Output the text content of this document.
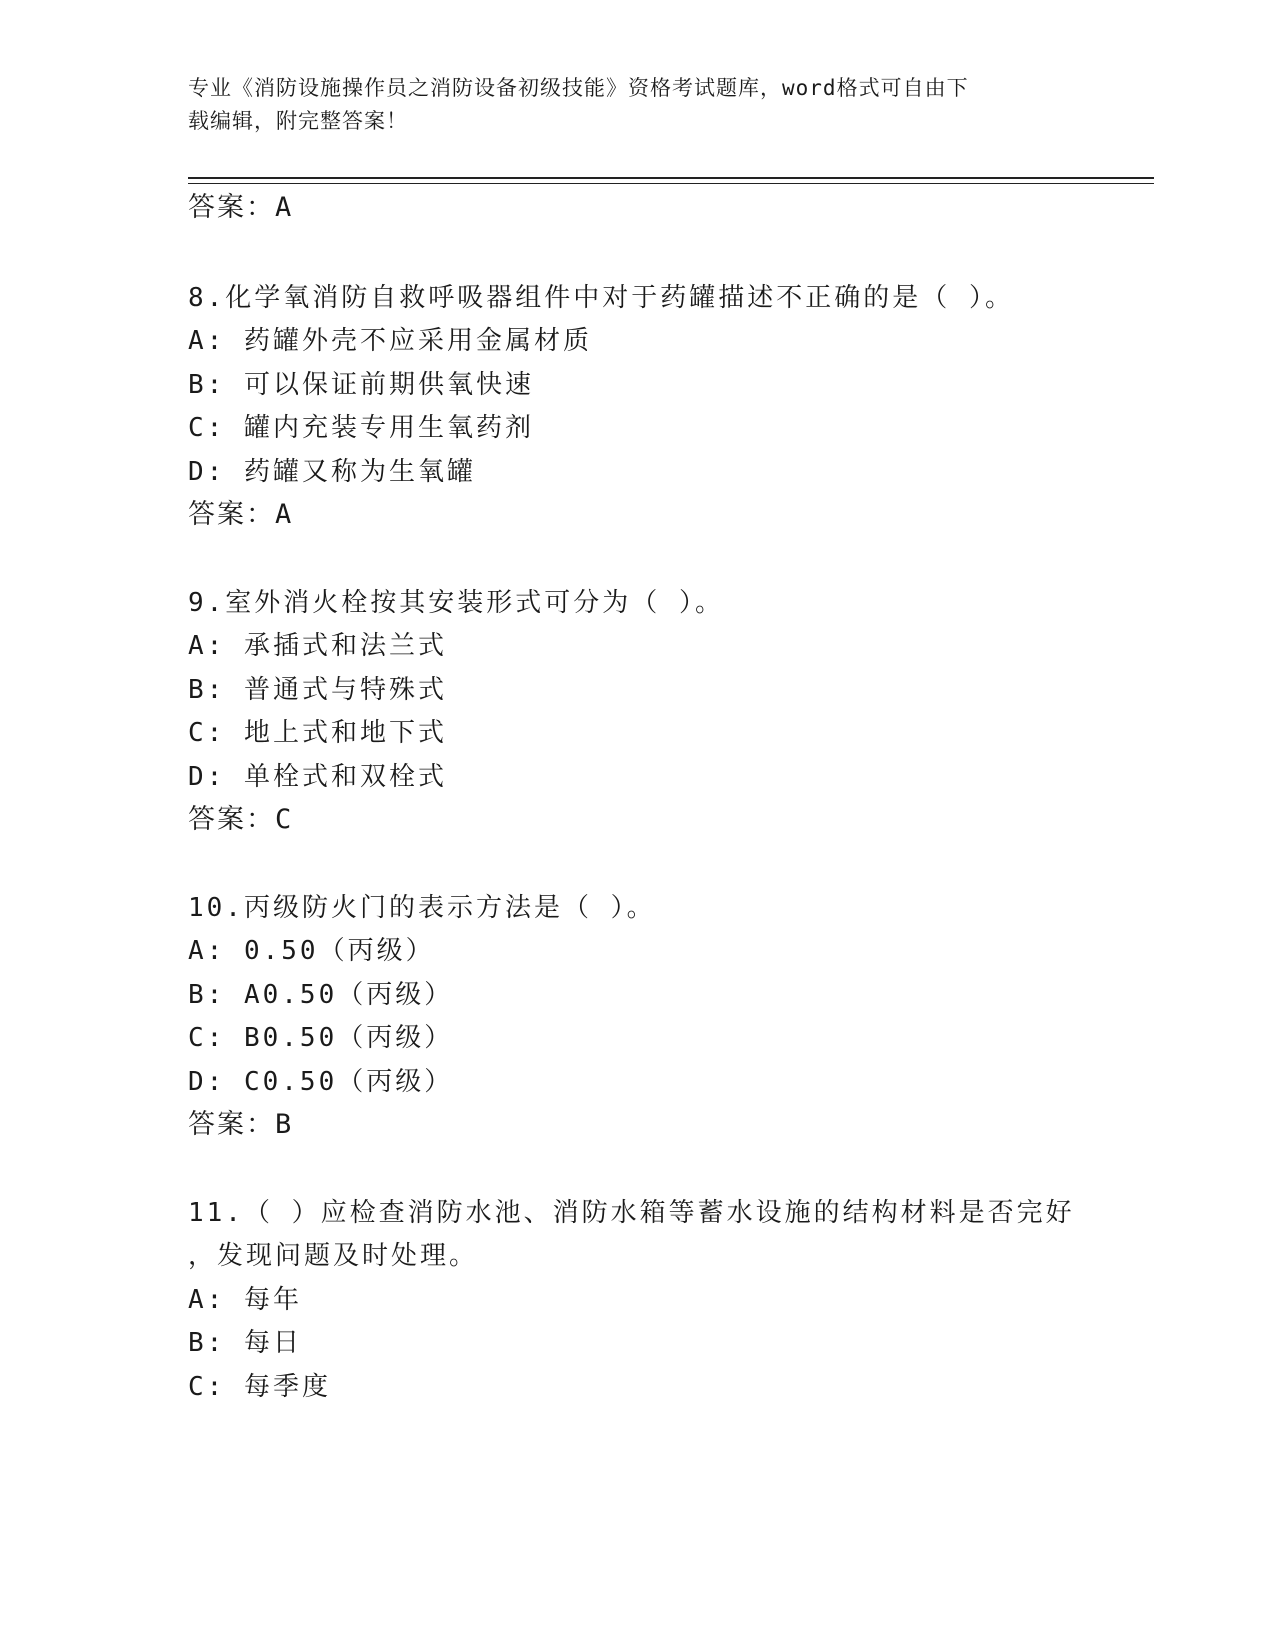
专业《消防设施操作员之消防设备初级技能》资格考试题库，word格式可自由下
载编辑，附完整答案！
答案：A
8.化学氧消防自救呼吸器组件中对于药罐描述不正确的是（ ）。
A: 药罐外壳不应采用金属材质
B: 可以保证前期供氧快速
C: 罐内充装专用生氧药剂
D: 药罐又称为生氧罐
答案：A
9.室外消火栓按其安装形式可分为（ ）。
A: 承插式和法兰式
B: 普通式与特殊式
C: 地上式和地下式
D: 单栓式和双栓式
答案：C
10.丙级防火门的表示方法是（ ）。
A: 0.50（丙级）
B: A0.50（丙级）
C: B0.50（丙级）
D: C0.50（丙级）
答案：B
11.（ ）应检查消防水池、消防水箱等蓄水设施的结构材料是否完好
，发现问题及时处理。
A: 每年
B: 每日
C: 每季度
